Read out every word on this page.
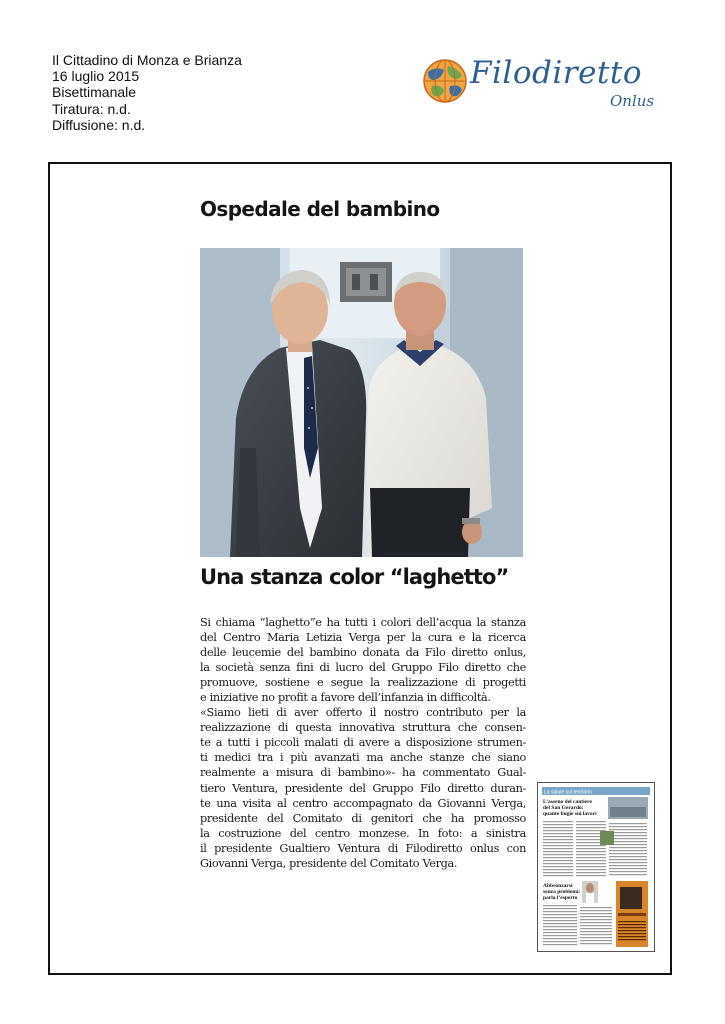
Il Cittadino di Monza e Brianza
16 luglio 2015
Bisettimanale
Tiratura: n.d.
Diffusione: n.d.
Filodiretto
Onlus
Ospedale del bambino
Una stanza color “laghetto”
Si chiama “laghetto”e ha tutti i colori dell’acqua la stanza
del Centro Maria Letizia Verga per la cura e la ricerca
delle leucemie del bambino donata da Filo diretto onlus,
la società senza fini di lucro del Gruppo Filo diretto che
promuove, sostiene e segue la realizzazione di progetti
e iniziative no profit a favore dell’infanzia in difficoltà.
«Siamo lieti di aver offerto il nostro contributo per la
realizzazione di questa innovativa struttura che consen-
te a tutti i piccoli malati di avere a disposizione strumen-
ti medici tra i più avanzati ma anche stanze che siano
realmente a misura di bambino»- ha commentato Gual-
tiero Ventura, presidente del Gruppo Filo diretto duran-
te una visita al centro accompagnato da Giovanni Verga,
presidente del Comitato di genitori che ha promosso
la costruzione del centro monzese. In foto: a sinistra
il presidente Gualtiero Ventura di Filodiretto onlus con
Giovanni Verga, presidente del Comitato Verga.
La salute sul territorio
L’asseno del cantiere
del San Gerardo:
quante bugie sui lavori
Abbronzarsi
senza problemi:
parla l’esperto
